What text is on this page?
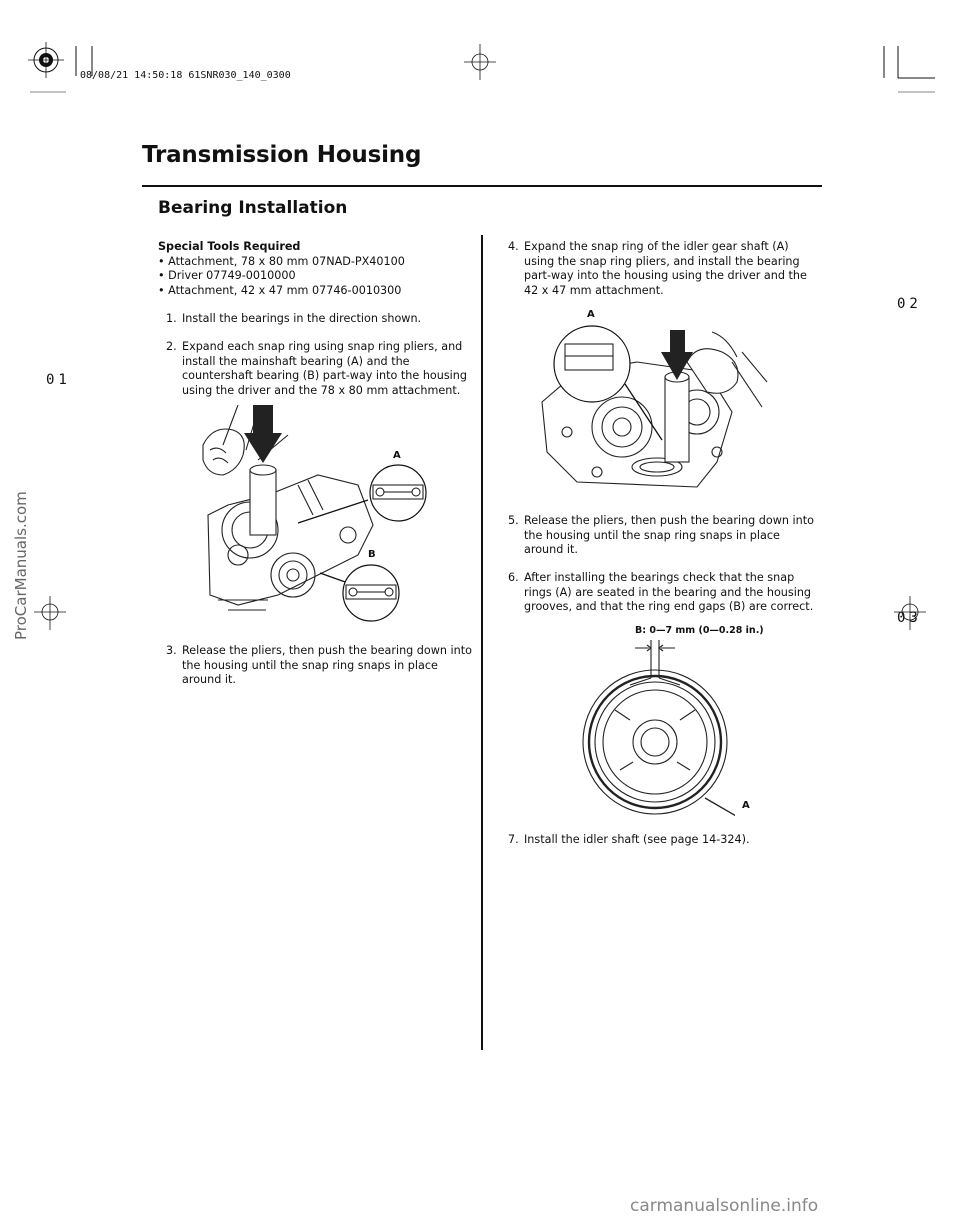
08/08/21 14:50:18 61SNR030_140_0300
02
01
03
Transmission Housing
Bearing Installation
Special Tools Required
• Attachment, 78 x 80 mm 07NAD-PX40100
• Driver 07749-0010000
• Attachment, 42 x 47 mm 07746-0010300
1. Install the bearings in the direction shown.
2. Expand each snap ring using snap ring pliers, and
install the mainshaft bearing (A) and the
countershaft bearing (B) part-way into the housing
using the driver and the 78 x 80 mm attachment.
A
B
3. Release the pliers, then push the bearing down into
the housing until the snap ring snaps in place
around it.
4. Expand the snap ring of the idler gear shaft (A)
using the snap ring pliers, and install the bearing
part-way into the housing using the driver and the
42 x 47 mm attachment.
A
5. Release the pliers, then push the bearing down into
the housing until the snap ring snaps in place
around it.
6. After installing the bearings check that the snap
rings (A) are seated in the bearing and the housing
grooves, and that the ring end gaps (B) are correct.
B: 0—7 mm (0—0.28 in.)
A
7. Install the idler shaft (see page 14-324).
ProCarManuals.com
carmanualsonline.info
